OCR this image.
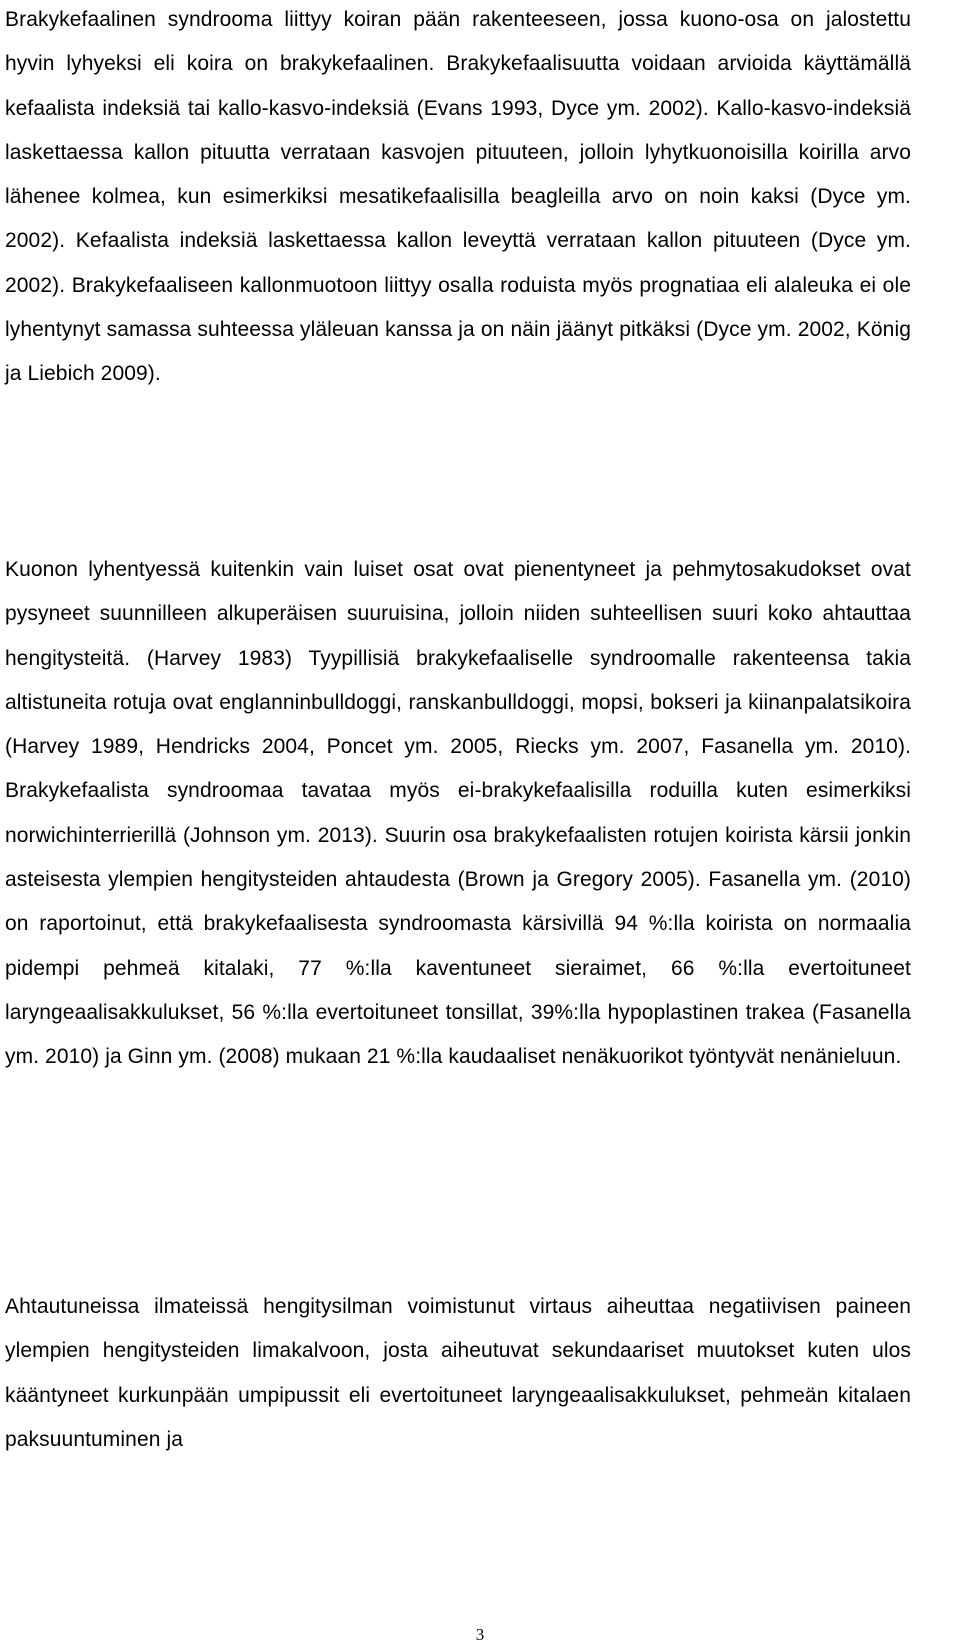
Brakykefaalinen syndrooma liittyy koiran pään rakenteeseen, jossa kuono-osa on jalostettu hyvin lyhyeksi eli koira on brakykefaalinen. Brakykefaalisuutta voidaan arvioida käyttämällä kefaalista indeksiä tai kallo-kasvo-indeksiä (Evans 1993, Dyce ym. 2002). Kallo-kasvo-indeksiä laskettaessa kallon pituutta verrataan kasvojen pituuteen, jolloin lyhytkuonoisilla koirilla arvo lähenee kolmea, kun esimerkiksi mesatikefaalisilla beagleilla arvo on noin kaksi (Dyce ym. 2002). Kefaalista indeksiä laskettaessa kallon leveyttä verrataan kallon pituuteen (Dyce ym. 2002). Brakykefaaliseen kallonmuotoon liittyy osalla roduista myös prognatiaa eli alaleuka ei ole lyhentynyt samassa suhteessa yläleuan kanssa ja on näin jäänyt pitkäksi (Dyce ym. 2002, König ja Liebich 2009).

Kuonon lyhentyessä kuitenkin vain luiset osat ovat pienentyneet ja pehmytosakudokset ovat pysyneet suunnilleen alkuperäisen suuruisina, jolloin niiden suhteellisen suuri koko ahtauttaa hengitysteitä. (Harvey 1983) Tyypillisiä brakykefaaliselle syndroomalle rakenteensa takia altistuneita rotuja ovat englanninbulldoggi, ranskanbulldoggi, mopsi, bokseri ja kiinanpalatsikoira (Harvey 1989, Hendricks 2004, Poncet ym. 2005, Riecks ym. 2007, Fasanella ym. 2010). Brakykefaalista syndroomaa tavataa myös ei-brakykefaalisilla roduilla kuten esimerkiksi norwichinterrierillä (Johnson ym. 2013). Suurin osa brakykefaalisten rotujen koirista kärsii jonkin asteisesta ylempien hengitysteiden ahtaudesta (Brown ja Gregory 2005). Fasanella ym. (2010) on raportoinut, että brakykefaalisesta syndroomasta kärsivillä 94 %:lla koirista on normaalia pidempi pehmeä kitalaki, 77 %:lla kaventuneet sieraimet, 66 %:lla evertoituneet laryngeaalisakkulukset, 56 %:lla evertoituneet tonsillat, 39%:lla hypoplastinen trakea (Fasanella ym. 2010) ja Ginn ym. (2008) mukaan 21 %:lla kaudaaliset nenäkuorikot työntyvät nenänieluun.

Ahtautuneissa ilmateissä hengitysilman voimistunut virtaus aiheuttaa negatiivisen paineen ylempien hengitysteiden limakalvoon, josta aiheutuvat sekundaariset muutokset kuten ulos kääntyneet kurkunpään umpipussit eli evertoituneet laryngeaalisakkulukset, pehmeän kitalaen paksuuntuminen ja

3
